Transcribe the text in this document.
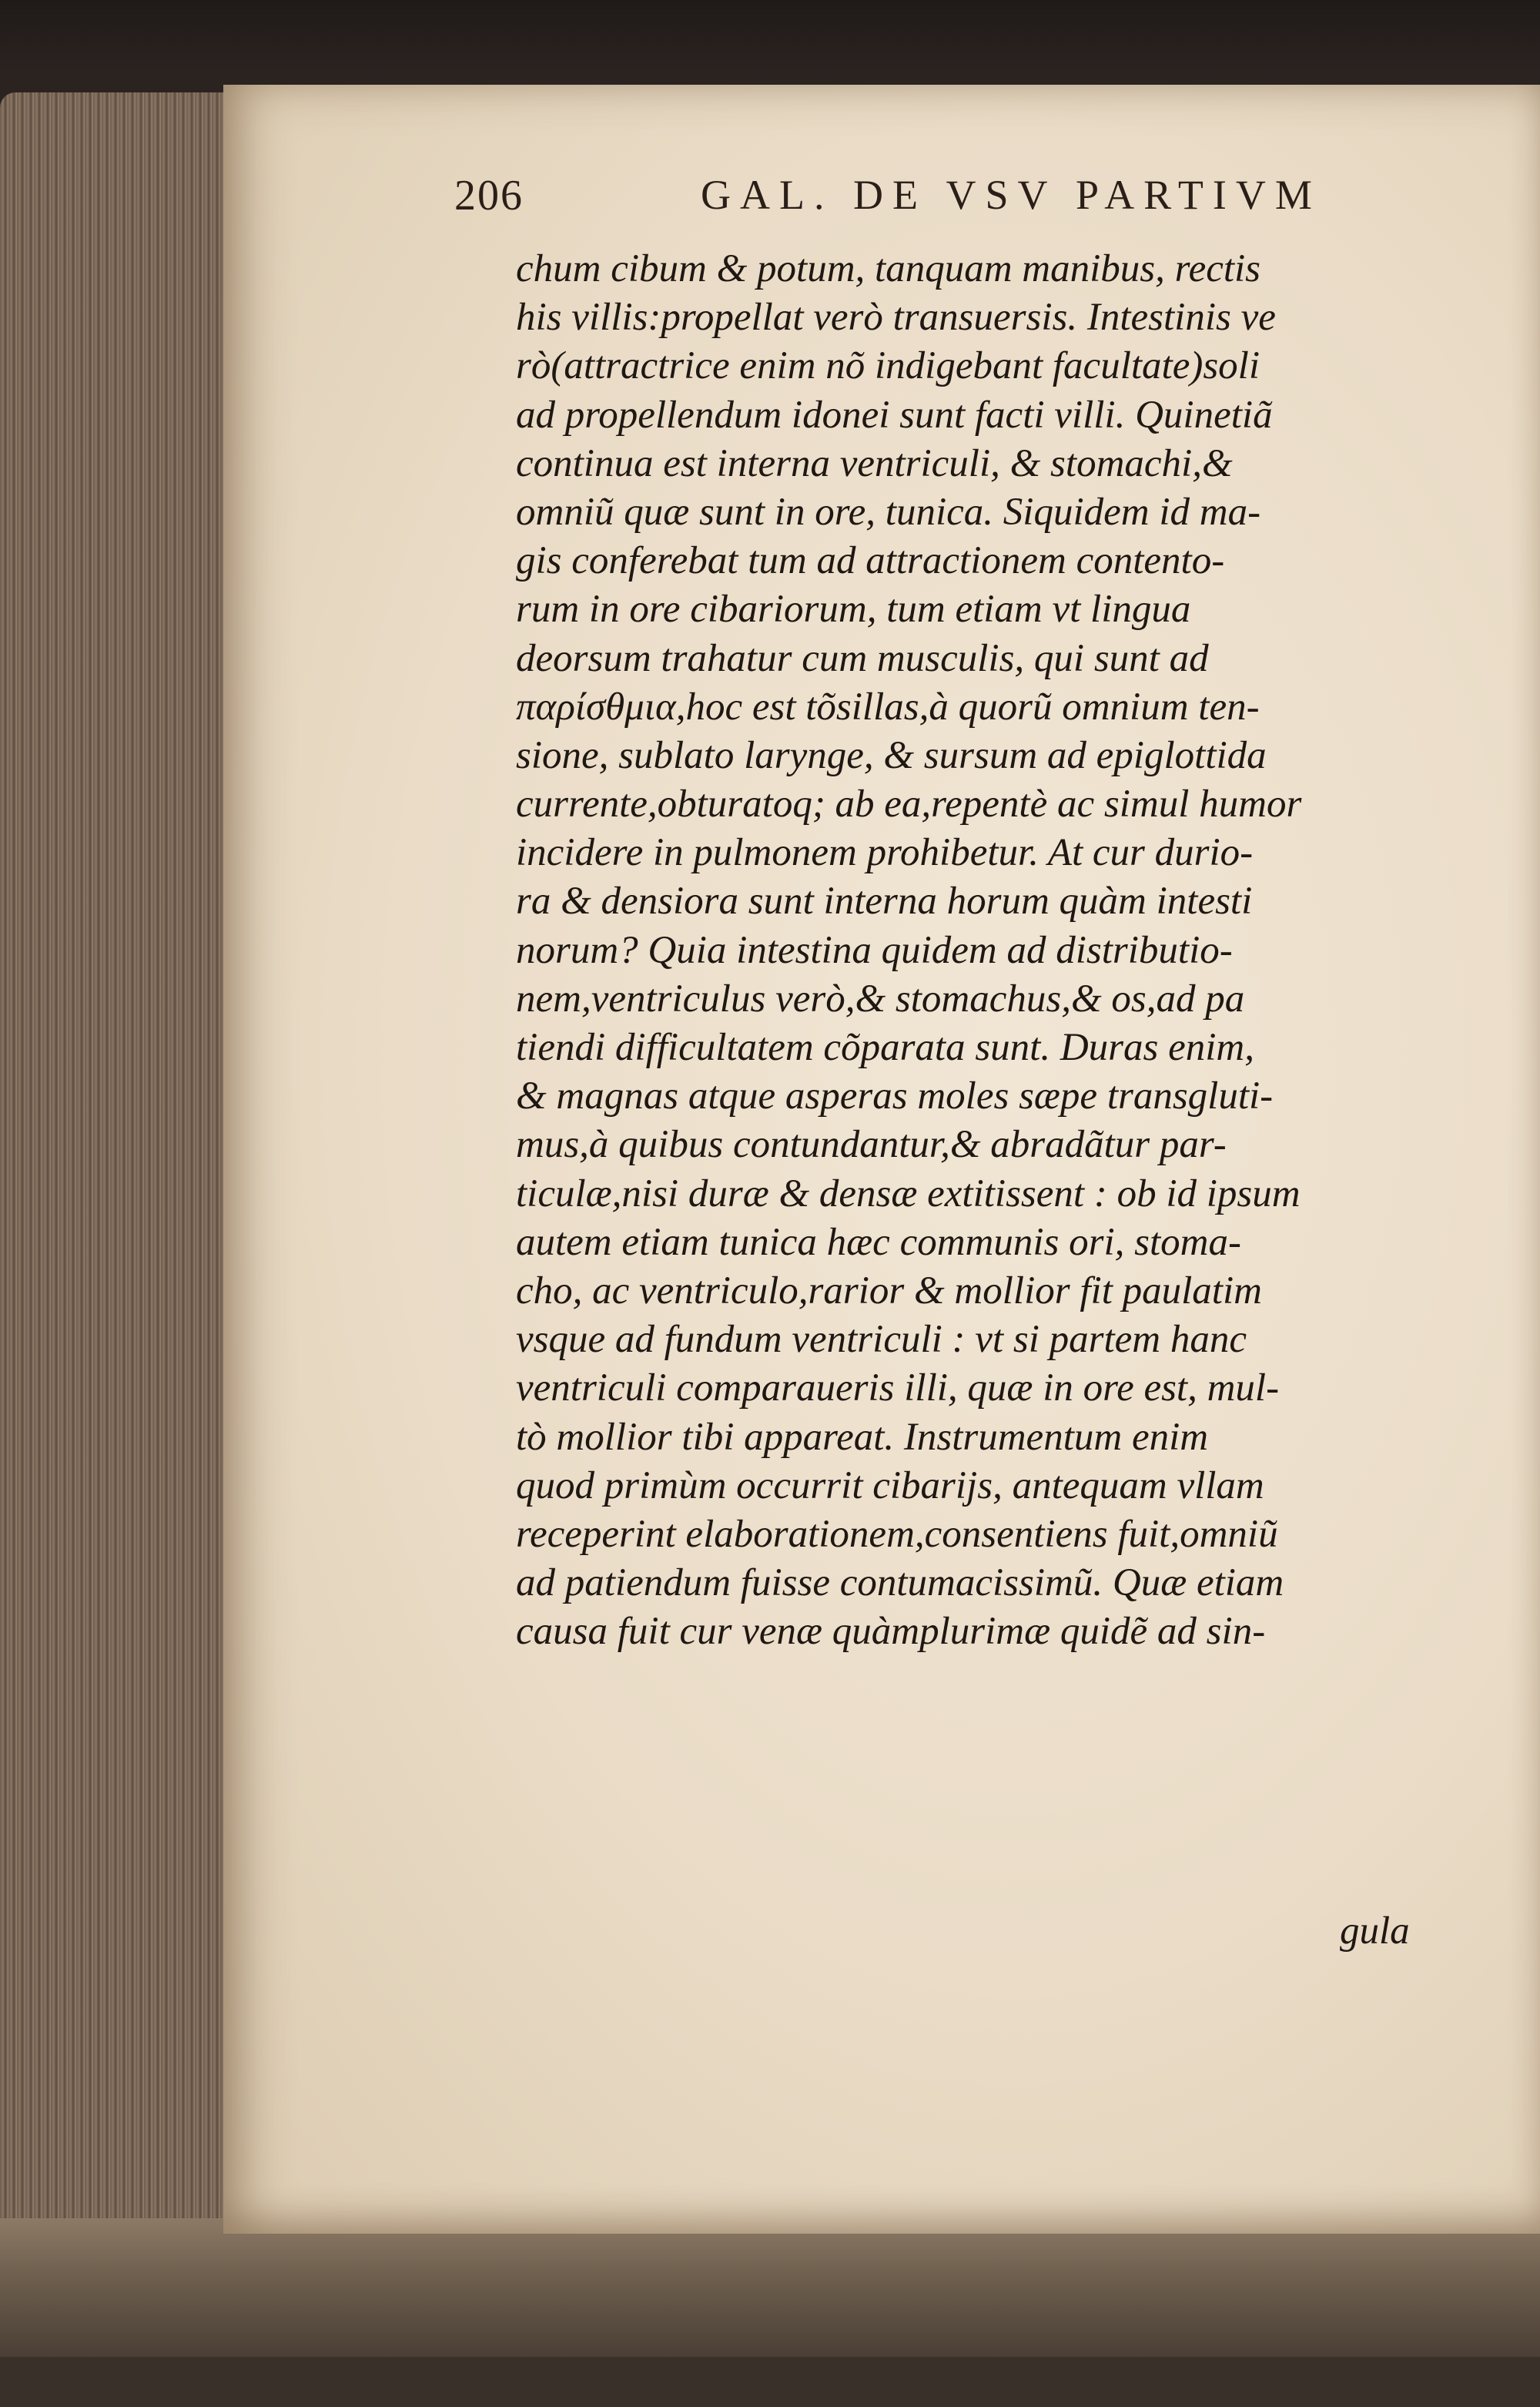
206	GAL. DE VSV PARTIVM
chum cibum & potum, tanquam manibus, rectis
his villis:propellat verò transuersis. Intestinis ve
rò(attractrice enim nõ indigebant facultate)soli
ad propellendum idonei sunt facti villi. Quinetiã
continua est interna ventriculi, & stomachi,&
omniũ quæ sunt in ore, tunica. Siquidem id ma-
gis conferebat tum ad attractionem contento-
rum in ore cibariorum, tum etiam vt lingua
deorsum trahatur cum musculis, qui sunt ad
παρίσθμια,hoc est tõsillas,à quorũ omnium ten-
sione, sublato larynge, & sursum ad epiglottida
currente,obturatoq; ab ea,repentè ac simul humor
incidere in pulmonem prohibetur. At cur durio-
ra & densiora sunt interna horum quàm intesti
norum? Quia intestina quidem ad distributio-
nem,ventriculus verò,& stomachus,& os,ad pa
tiendi difficultatem cõparata sunt. Duras enim,
& magnas atque asperas moles sæpe transgluti-
mus,à quibus contundantur,& abradãtur par-
ticulæ,nisi duræ & densæ extitissent : ob id ipsum
autem etiam tunica hæc communis ori, stoma-
cho, ac ventriculo,rarior & mollior fit paulatim
vsque ad fundum ventriculi : vt si partem hanc
ventriculi comparaueris illi, quæ in ore est, mul-
tò mollior tibi appareat. Instrumentum enim
quod primùm occurrit cibarijs, antequam vllam
receperint elaborationem,consentiens fuit,omniũ
ad patiendum fuisse contumacissimũ. Quæ etiam
causa fuit cur venæ quàmplurimæ quidẽ ad sin-
gula
